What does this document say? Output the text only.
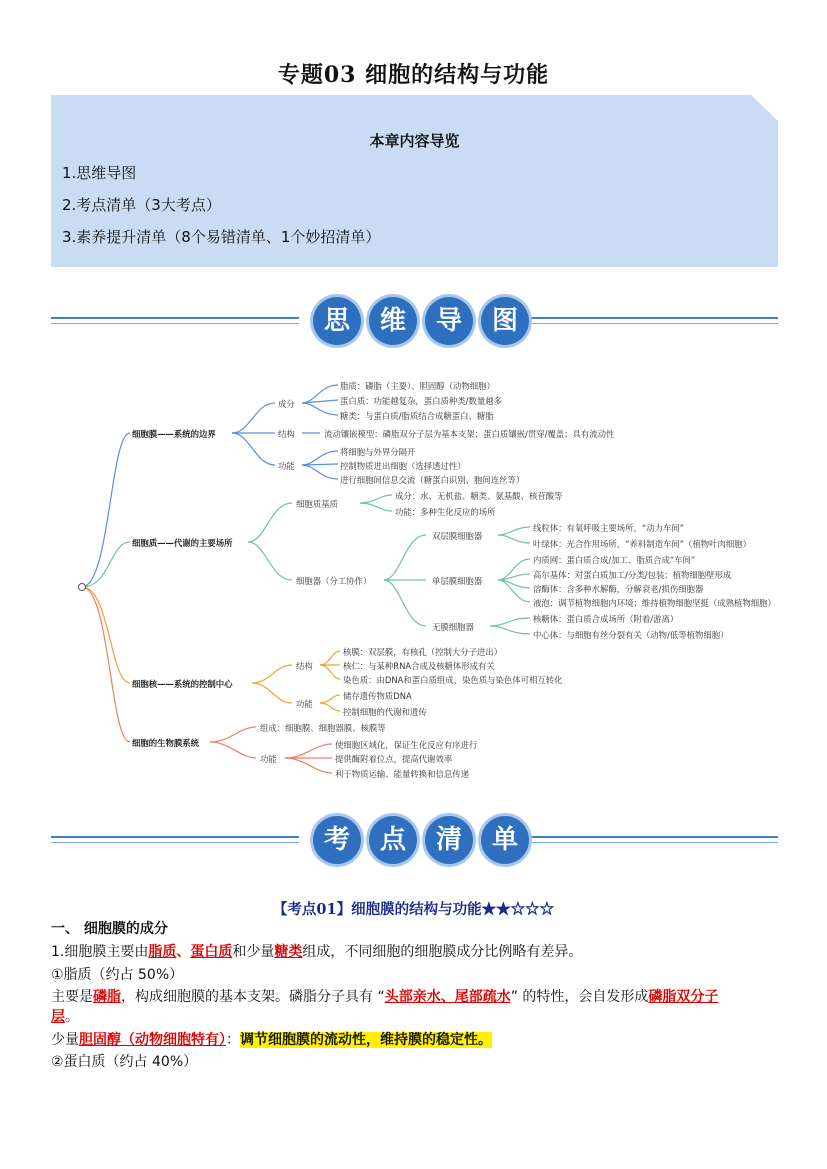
专题03 细胞的结构与功能
本章内容导览
1.思维导图
2.考点清单（3大考点）
3.素养提升清单（8个易错清单、1个妙招清单）
思	维	导	图
细胞膜——系统的边界
成分
脂质：磷脂（主要）、胆固醇（动物细胞）
蛋白质：功能越复杂，蛋白质种类/数量越多
糖类：与蛋白质/脂质结合成糖蛋白、糖脂
结构	流动镶嵌模型：磷脂双分子层为基本支架；蛋白质镶嵌/贯穿/覆盖；具有流动性
功能
将细胞与外界分隔开
控制物质进出细胞（选择透过性）
进行细胞间信息交流（糖蛋白识别、胞间连丝等）
细胞质——代谢的主要场所
细胞质基质
成分：水、无机盐、糖类、氨基酸、核苷酸等
功能：多种生化反应的场所
细胞器（分工协作）
双层膜细胞器
线粒体：有氧呼吸主要场所，“动力车间”
叶绿体：光合作用场所，“养料制造车间”（植物叶肉细胞）
单层膜细胞器
内质网：蛋白质合成/加工、脂质合成“车间”
高尔基体：对蛋白质加工/分类/包装；植物细胞壁形成
溶酶体：含多种水解酶，分解衰老/损伤细胞器
液泡：调节植物细胞内环境；维持植物细胞坚挺（成熟植物细胞）
无膜细胞器
核糖体：蛋白质合成场所（附着/游离）
中心体：与细胞有丝分裂有关（动物/低等植物细胞）
细胞核——系统的控制中心
结构
核膜：双层膜，有核孔（控制大分子进出）
核仁：与某种RNA合成及核糖体形成有关
染色质：由DNA和蛋白质组成，染色质与染色体可相互转化
功能
储存遗传物质DNA
控制细胞的代谢和遗传
细胞的生物膜系统
组成：细胞膜、细胞器膜、核膜等
功能
使细胞区域化，保证生化反应有序进行
提供酶附着位点，提高代谢效率
利于物质运输、能量转换和信息传递
考	点	清	单
【考点01】细胞膜的结构与功能★★☆☆☆
一、 细胞膜的成分
1.细胞膜主要由脂质、蛋白质和少量糖类组成，不同细胞的细胞膜成分比例略有差异。
①脂质（约占 50%）
主要是磷脂，构成细胞膜的基本支架。磷脂分子具有 “头部亲水、尾部疏水” 的特性，会自发形成磷脂双分子
层。
少量胆固醇（动物细胞特有）：调节细胞膜的流动性，维持膜的稳定性。
②蛋白质（约占 40%）
